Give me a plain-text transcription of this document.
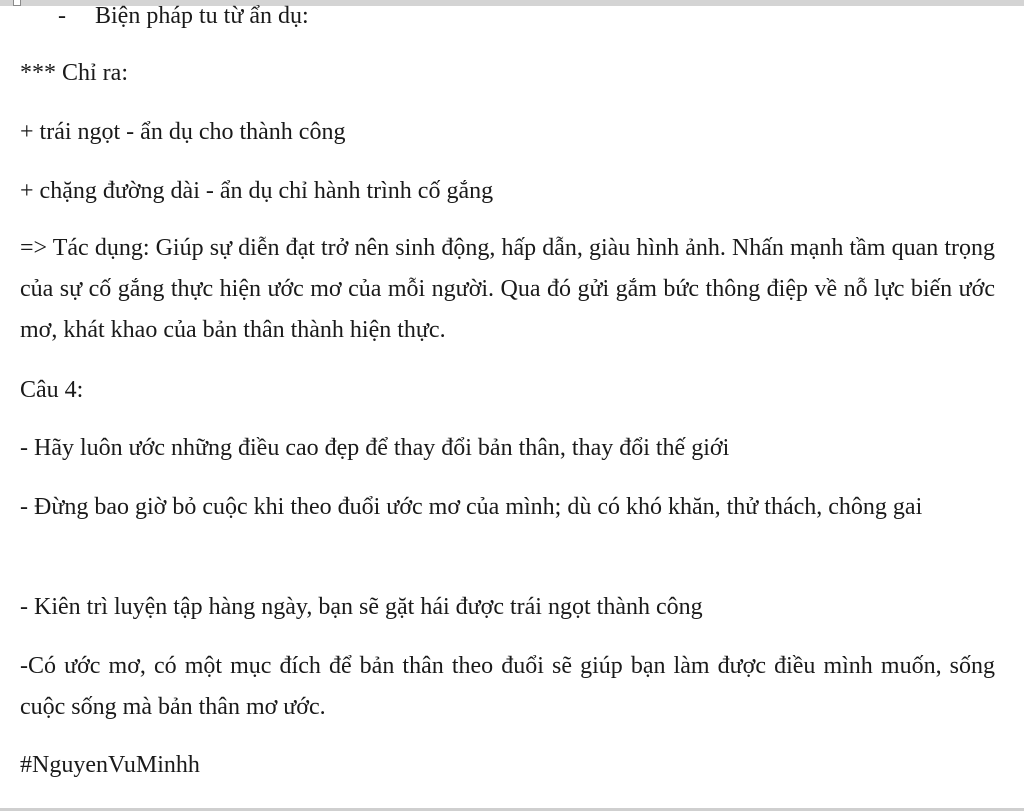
- Biện pháp tu từ ẩn dụ:
*** Chỉ ra:
+ trái ngọt - ẩn dụ cho thành công
+ chặng đường dài - ẩn dụ chỉ hành trình cố gắng
=> Tác dụng: Giúp sự diễn đạt trở nên sinh động, hấp dẫn, giàu hình ảnh. Nhấn mạnh tầm quan trọng của sự cố gắng thực hiện ước mơ của mỗi người. Qua đó gửi gắm bức thông điệp về nỗ lực biến ước mơ, khát khao của bản thân thành hiện thực.
Câu 4:
- Hãy luôn ước những điều cao đẹp để thay đổi bản thân, thay đổi thế giới
- Đừng bao giờ bỏ cuộc khi theo đuổi ước mơ của mình; dù có khó khăn, thử thách, chông gai
- Kiên trì luyện tập hàng ngày, bạn sẽ gặt hái được trái ngọt thành công
-Có ước mơ, có một mục đích để bản thân theo đuổi sẽ giúp bạn làm được điều mình muốn, sống cuộc sống mà bản thân mơ ước.
#NguyenVuMinhh
